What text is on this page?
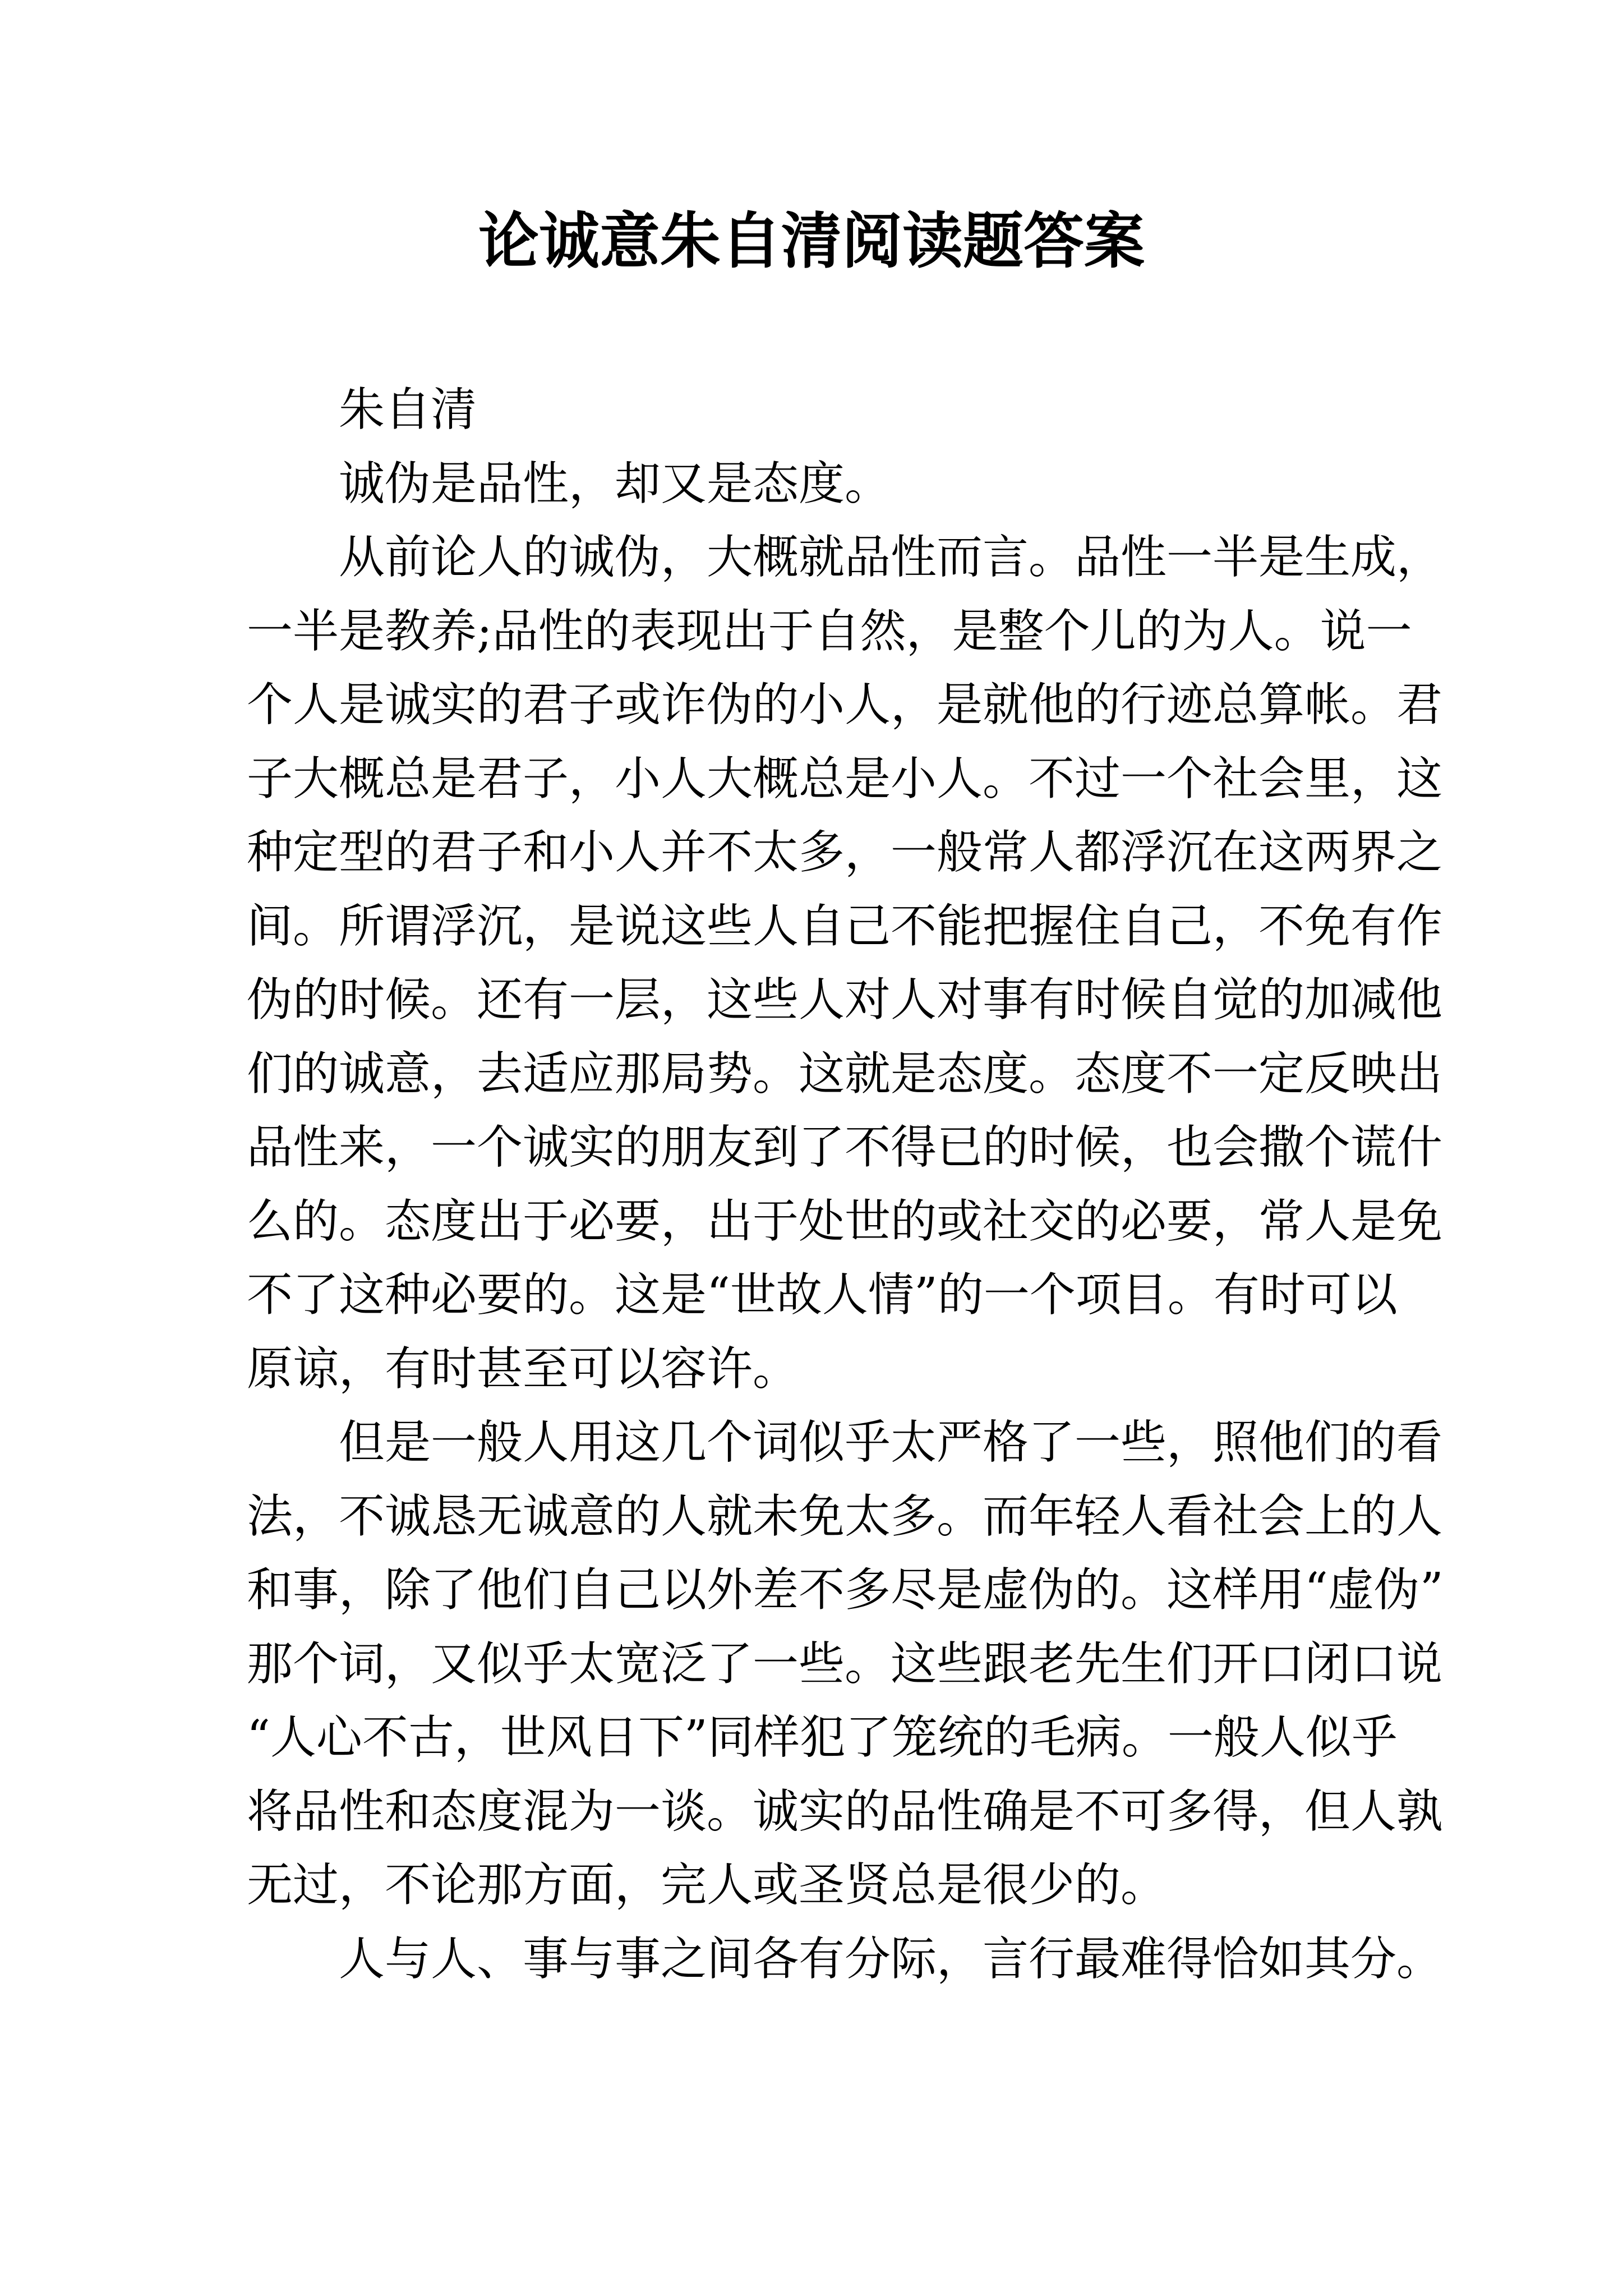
论诚意朱自清阅读题答案
朱自清
诚伪是品性，却又是态度。
从前论人的诚伪，大概就品性而言。品性一半是生成，
一半是教养;品性的表现出于自然，是整个儿的为人。说一
个人是诚实的君子或诈伪的小人，是就他的行迹总算帐。君
子大概总是君子，小人大概总是小人。不过一个社会里，这
种定型的君子和小人并不太多，一般常人都浮沉在这两界之
间。所谓浮沉，是说这些人自己不能把握住自己，不免有作
伪的时候。还有一层，这些人对人对事有时候自觉的加减他
们的诚意，去适应那局势。这就是态度。态度不一定反映出
品性来，一个诚实的朋友到了不得已的时候，也会撒个谎什
么的。态度出于必要，出于处世的或社交的必要，常人是免
不了这种必要的。这是“世故人情”的一个项目。有时可以
原谅，有时甚至可以容许。
但是一般人用这几个词似乎太严格了一些，照他们的看
法，不诚恳无诚意的人就未免太多。而年轻人看社会上的人
和事，除了他们自己以外差不多尽是虚伪的。这样用“虚伪”
那个词，又似乎太宽泛了一些。这些跟老先生们开口闭口说
“人心不古，世风日下”同样犯了笼统的毛病。一般人似乎
将品性和态度混为一谈。诚实的品性确是不可多得，但人孰
无过，不论那方面，完人或圣贤总是很少的。
人与人、事与事之间各有分际，言行最难得恰如其分。
